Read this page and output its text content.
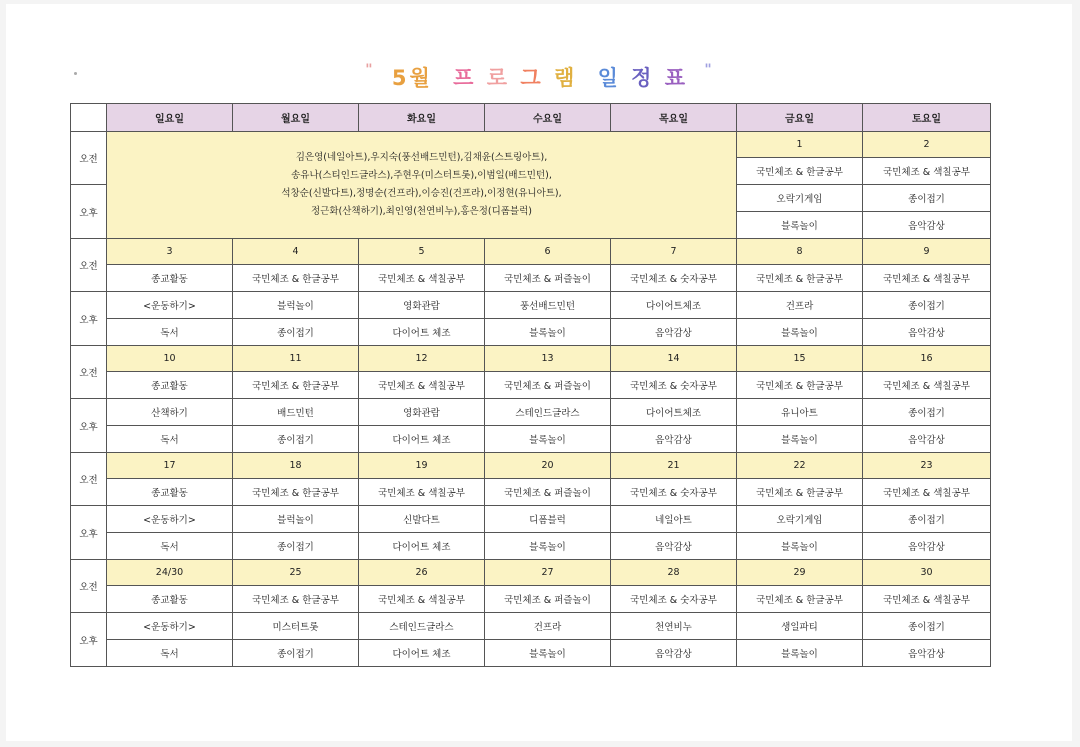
" 5월 프 로 그 램 일 정 표 "
	일요일	월요일	화요일	수요일	목요일	금요일	토요일
오전	김은영(네일아트),우지숙(풍선배드민턴),김채윤(스트링아트),
송유나(스티인드글라스),주현우(미스터트롯),이범일(배드민턴),
석창순(신발다트),정명순(건프라),이승진(건프라),이정현(유니아트),
정근화(산책하기),최인영(천연비누),홍은정(디폼블럭)					1	2
						국민체조 & 한글공부	국민체조 & 색칠공부
오후						오락기게임	종이접기
						블록놀이	음악감상
오전	3	4	5	6	7	8	9
	종교활동	국민체조 & 한글공부	국민체조 & 색칠공부	국민체조 & 퍼즐놀이	국민체조 & 숫자공부	국민체조 & 한글공부	국민체조 & 색칠공부
오후	<운동하기>	블럭놀이	영화관람	풍선배드민턴	다이어트체조	건프라	종이접기
	독서	종이접기	다이어트 체조	블록놀이	음악감상	블록놀이	음악감상
오전	10	11	12	13	14	15	16
	종교활동	국민체조 & 한글공부	국민체조 & 색칠공부	국민체조 & 퍼즐놀이	국민체조 & 숫자공부	국민체조 & 한글공부	국민체조 & 색칠공부
오후	산책하기	배드민턴	영화관람	스테인드글라스	다이어트체조	유니아트	종이접기
	독서	종이접기	다이어트 체조	블록놀이	음악감상	블록놀이	음악감상
오전	17	18	19	20	21	22	23
	종교활동	국민체조 & 한글공부	국민체조 & 색칠공부	국민체조 & 퍼즐놀이	국민체조 & 숫자공부	국민체조 & 한글공부	국민체조 & 색칠공부
오후	<운동하기>	블럭놀이	신발다트	디폼블럭	네일아트	오락기게임	종이접기
	독서	종이접기	다이어트 체조	블록놀이	음악감상	블록놀이	음악감상
오전	24/30	25	26	27	28	29	30
	종교활동	국민체조 & 한글공부	국민체조 & 색칠공부	국민체조 & 퍼즐놀이	국민체조 & 숫자공부	국민체조 & 한글공부	국민체조 & 색칠공부
오후	<운동하기>	미스터트롯	스테인드글라스	건프라	천연비누	생일파티	종이접기
	독서	종이접기	다이어트 체조	블록놀이	음악감상	블록놀이	음악감상
